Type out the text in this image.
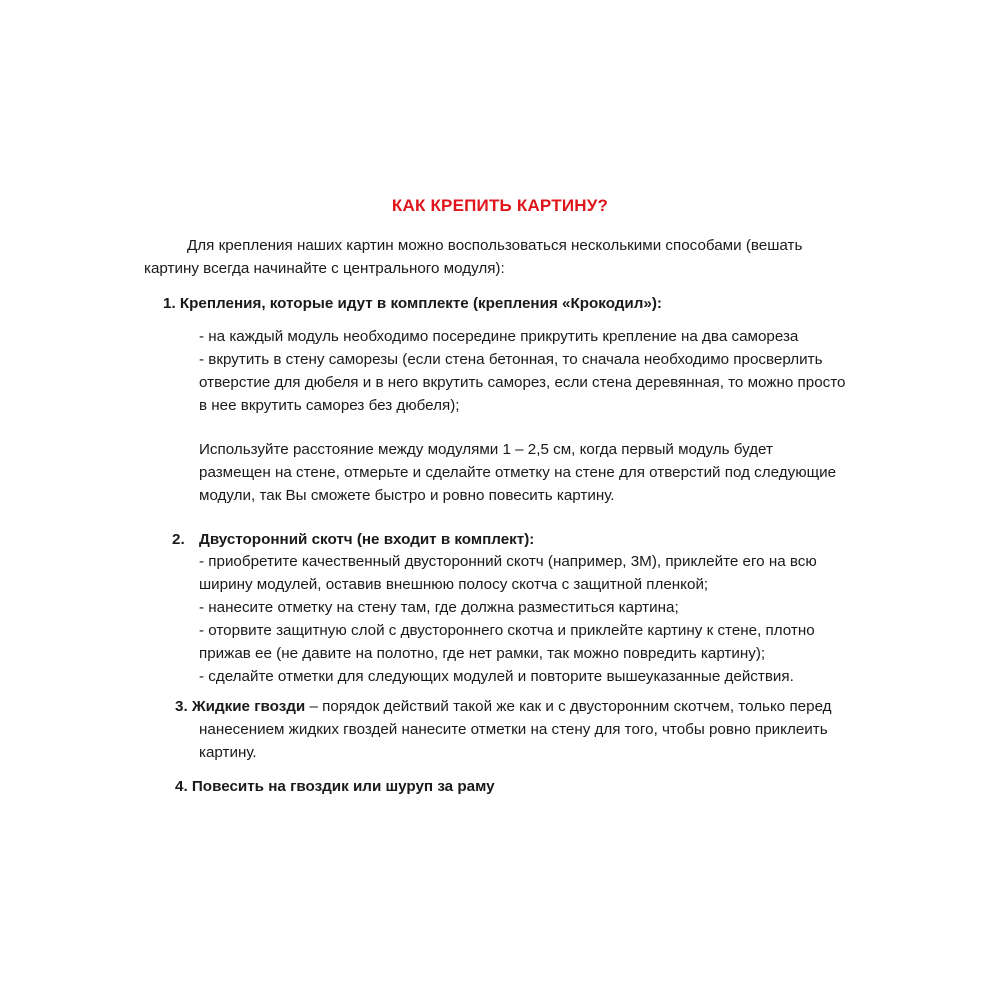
КАК КРЕПИТЬ КАРТИНУ?
Для крепления наших картин можно воспользоваться несколькими способами (вешать
картину всегда начинайте с центрального модуля):
1. Крепления, которые идут в комплекте (крепления «Крокодил»):
- на каждый модуль необходимо посередине прикрутить крепление на два самореза
- вкрутить в стену саморезы (если стена бетонная, то сначала необходимо просверлить
отверстие для дюбеля и в него вкрутить саморез, если стена деревянная, то можно просто
в нее вкрутить саморез без дюбеля);
Используйте расстояние между модулями 1 – 2,5 см, когда первый модуль будет
размещен на стене, отмерьте и сделайте отметку на стене для отверстий под следующие
модули, так Вы сможете быстро и ровно повесить картину.
2. Двусторонний скотч (не входит в комплект):
- приобретите качественный двусторонний скотч (например, 3М), приклейте его на всю
ширину модулей, оставив внешнюю полосу скотча с защитной пленкой;
- нанесите отметку на стену там, где должна разместиться картина;
- оторвите защитную слой с двустороннего скотча и приклейте картину к стене, плотно
прижав ее (не давите на полотно, где нет рамки, так можно повредить картину);
- сделайте отметки для следующих модулей и повторите вышеуказанные действия.
3. Жидкие гвозди – порядок действий такой же как и с двусторонним скотчем, только перед
нанесением жидких гвоздей нанесите отметки на стену для того, чтобы ровно приклеить
картину.
4. Повесить на гвоздик или шуруп за раму
